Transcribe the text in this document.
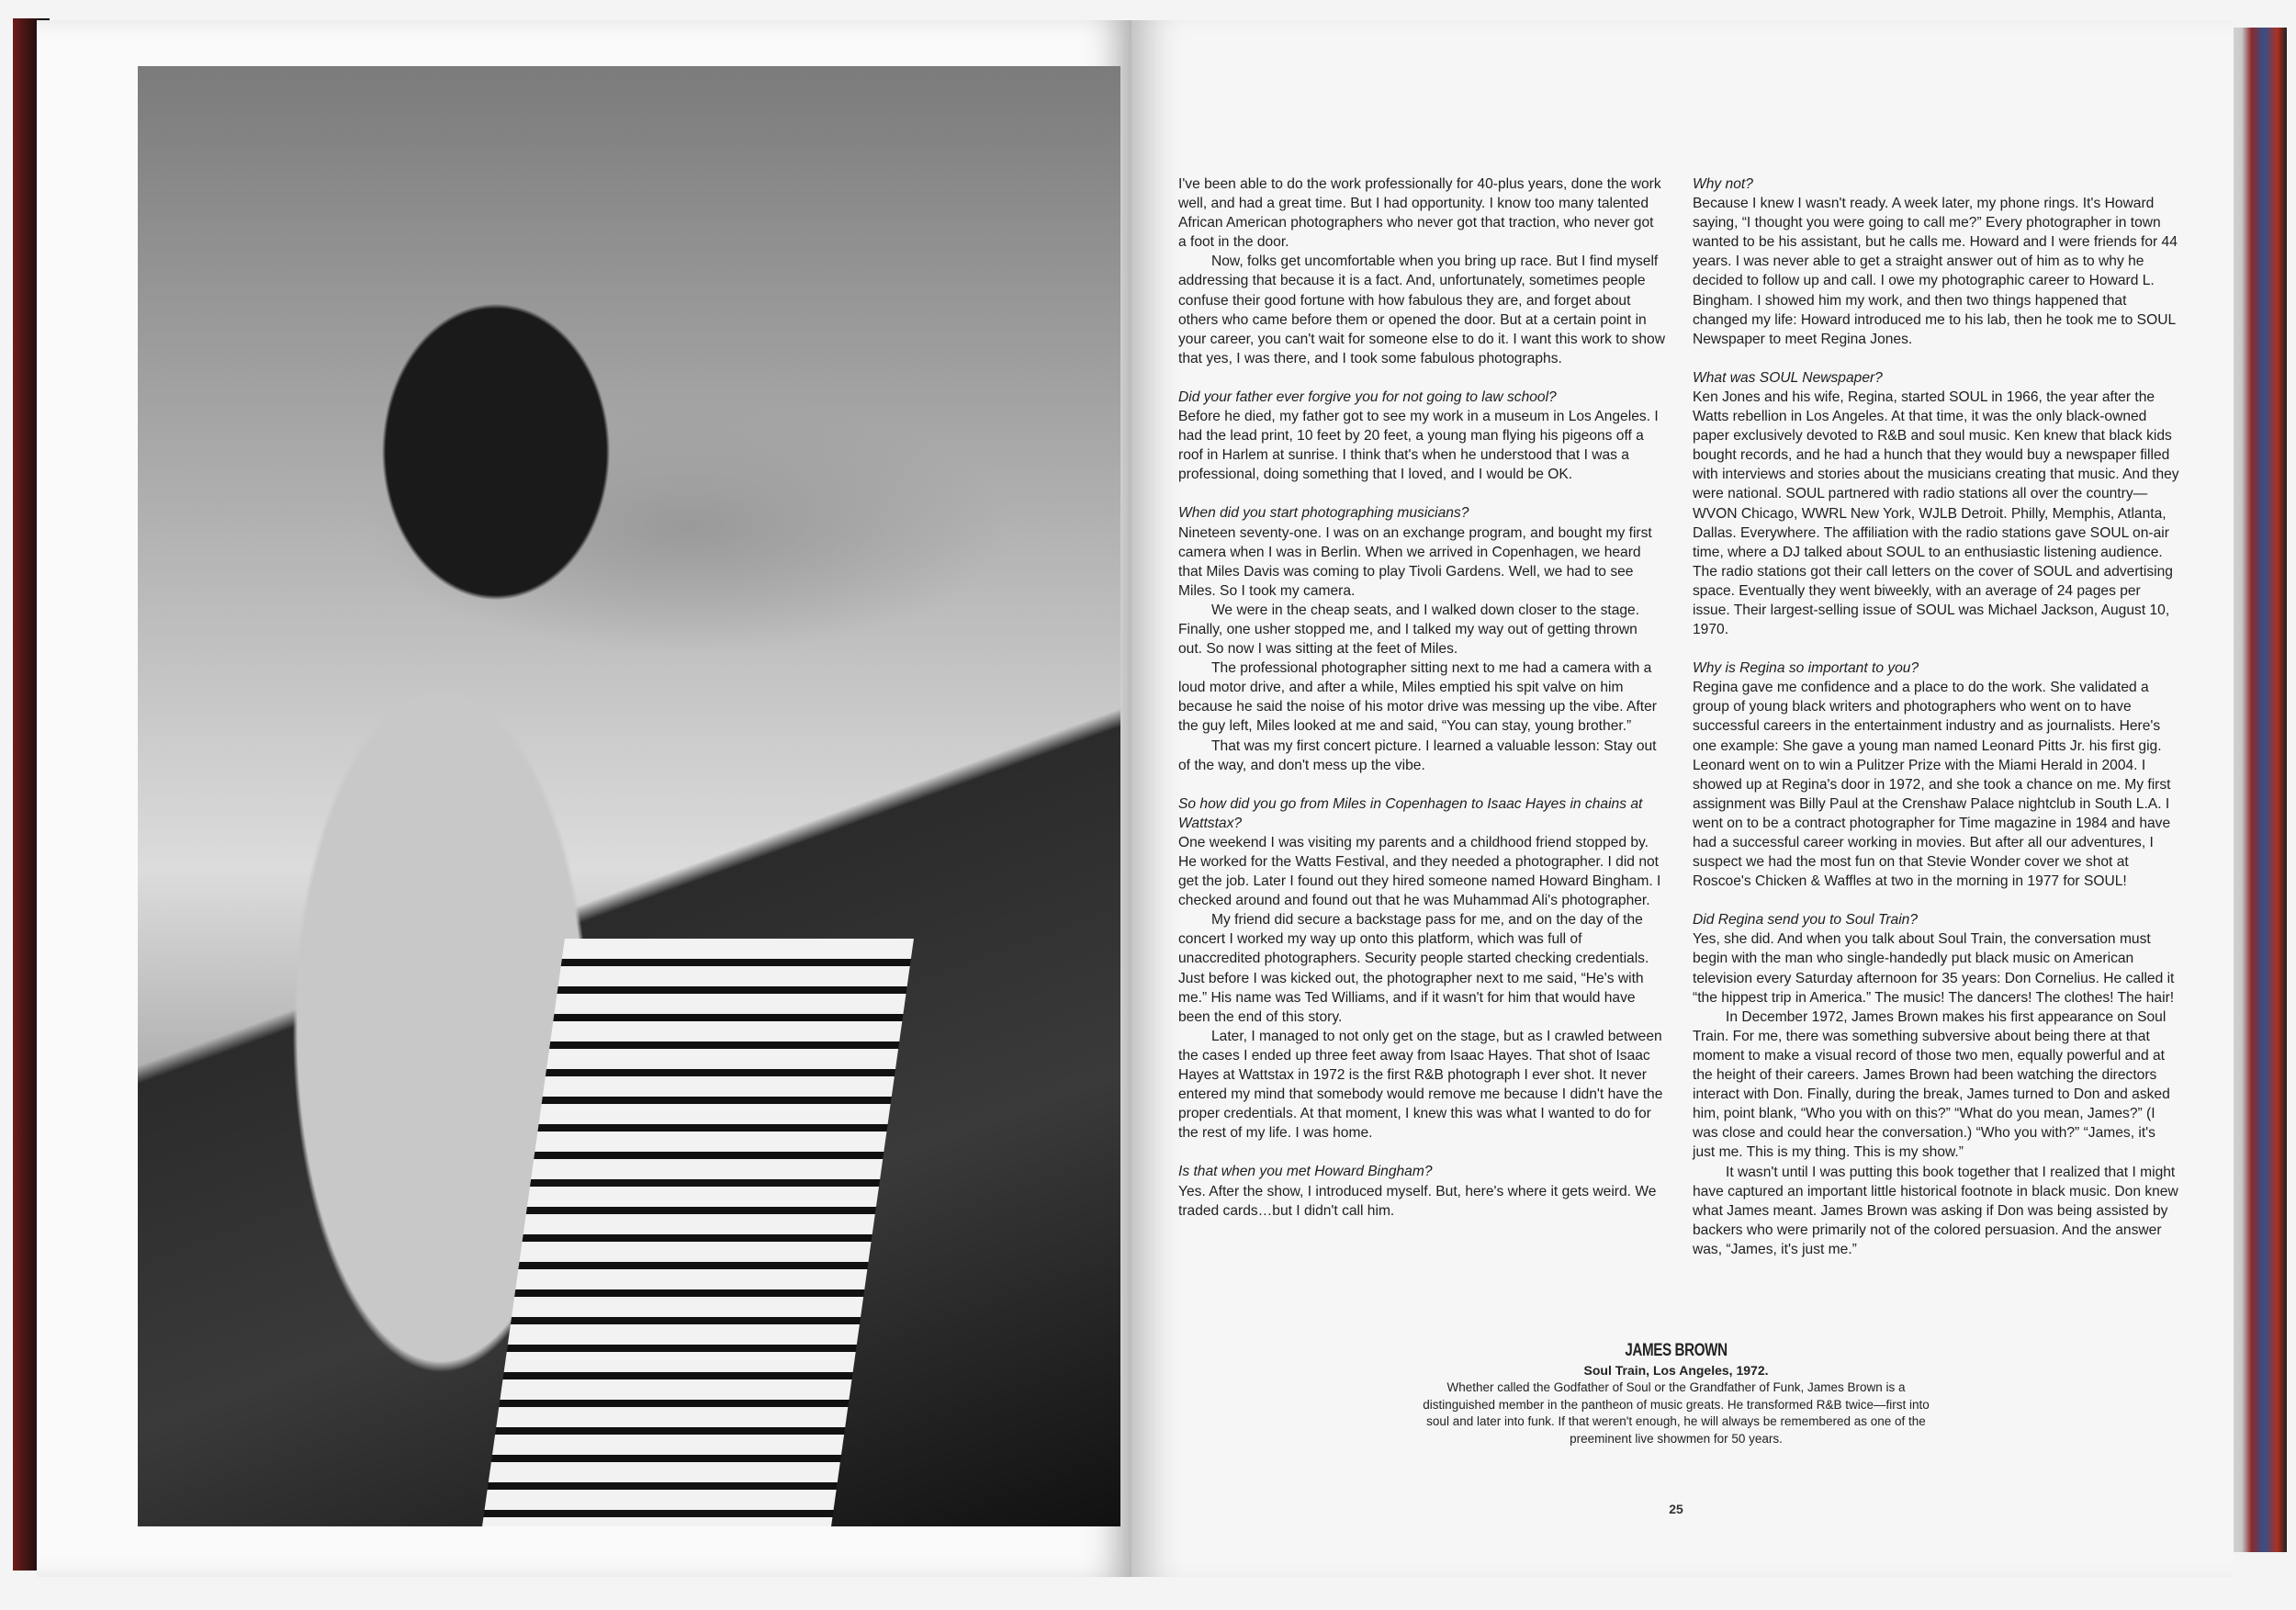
I've been able to do the work professionally for 40-plus years, done the work well, and had a great time. But I had opportunity. I know too many talented African American photographers who never got that traction, who never got a foot in the door.

Now, folks get uncomfortable when you bring up race. But I find myself addressing that because it is a fact. And, unfortunately, sometimes people confuse their good fortune with how fabulous they are, and forget about others who came before them or opened the door. But at a certain point in your career, you can't wait for someone else to do it. I want this work to show that yes, I was there, and I took some fabulous photographs.

Did your father ever forgive you for not going to law school?

Before he died, my father got to see my work in a museum in Los Angeles. I had the lead print, 10 feet by 20 feet, a young man flying his pigeons off a roof in Harlem at sunrise. I think that's when he understood that I was a professional, doing something that I loved, and I would be OK.

When did you start photographing musicians?

Nineteen seventy-one. I was on an exchange program, and bought my first camera when I was in Berlin. When we arrived in Copenhagen, we heard that Miles Davis was coming to play Tivoli Gardens. Well, we had to see Miles. So I took my camera.

We were in the cheap seats, and I walked down closer to the stage. Finally, one usher stopped me, and I talked my way out of getting thrown out. So now I was sitting at the feet of Miles.

The professional photographer sitting next to me had a camera with a loud motor drive, and after a while, Miles emptied his spit valve on him because he said the noise of his motor drive was messing up the vibe. After the guy left, Miles looked at me and said, “You can stay, young brother.”

That was my first concert picture. I learned a valuable lesson: Stay out of the way, and don't mess up the vibe.

So how did you go from Miles in Copenhagen to Isaac Hayes in chains at Wattstax?

One weekend I was visiting my parents and a childhood friend stopped by. He worked for the Watts Festival, and they needed a photographer. I did not get the job. Later I found out they hired someone named Howard Bingham. I checked around and found out that he was Muhammad Ali's photographer.

My friend did secure a backstage pass for me, and on the day of the concert I worked my way up onto this platform, which was full of unaccredited photographers. Security people started checking credentials. Just before I was kicked out, the photographer next to me said, “He's with me.” His name was Ted Williams, and if it wasn't for him that would have been the end of this story.

Later, I managed to not only get on the stage, but as I crawled between the cases I ended up three feet away from Isaac Hayes. That shot of Isaac Hayes at Wattstax in 1972 is the first R&B photograph I ever shot. It never entered my mind that somebody would remove me because I didn't have the proper credentials. At that moment, I knew this was what I wanted to do for the rest of my life. I was home.

Is that when you met Howard Bingham?

Yes. After the show, I introduced myself. But, here's where it gets weird. We traded cards…but I didn't call him.

Why not?

Because I knew I wasn't ready. A week later, my phone rings. It's Howard saying, “I thought you were going to call me?” Every photographer in town wanted to be his assistant, but he calls me. Howard and I were friends for 44 years. I was never able to get a straight answer out of him as to why he decided to follow up and call. I owe my photographic career to Howard L. Bingham. I showed him my work, and then two things happened that changed my life: Howard introduced me to his lab, then he took me to SOUL Newspaper to meet Regina Jones.

What was SOUL Newspaper?

Ken Jones and his wife, Regina, started SOUL in 1966, the year after the Watts rebellion in Los Angeles. At that time, it was the only black-owned paper exclusively devoted to R&B and soul music. Ken knew that black kids bought records, and he had a hunch that they would buy a newspaper filled with interviews and stories about the musicians creating that music. And they were national. SOUL partnered with radio stations all over the country—WVON Chicago, WWRL New York, WJLB Detroit. Philly, Memphis, Atlanta, Dallas. Everywhere. The affiliation with the radio stations gave SOUL on-air time, where a DJ talked about SOUL to an enthusiastic listening audience. The radio stations got their call letters on the cover of SOUL and advertising space. Eventually they went biweekly, with an average of 24 pages per issue. Their largest-selling issue of SOUL was Michael Jackson, August 10, 1970.

Why is Regina so important to you?

Regina gave me confidence and a place to do the work. She validated a group of young black writers and photographers who went on to have successful careers in the entertainment industry and as journalists. Here's one example: She gave a young man named Leonard Pitts Jr. his first gig. Leonard went on to win a Pulitzer Prize with the Miami Herald in 2004. I showed up at Regina's door in 1972, and she took a chance on me. My first assignment was Billy Paul at the Crenshaw Palace nightclub in South L.A. I went on to be a contract photographer for Time magazine in 1984 and have had a successful career working in movies. But after all our adventures, I suspect we had the most fun on that Stevie Wonder cover we shot at Roscoe's Chicken & Waffles at two in the morning in 1977 for SOUL!

Did Regina send you to Soul Train?

Yes, she did. And when you talk about Soul Train, the conversation must begin with the man who single-handedly put black music on American television every Saturday afternoon for 35 years: Don Cornelius. He called it “the hippest trip in America.” The music! The dancers! The clothes! The hair!

In December 1972, James Brown makes his first appearance on Soul Train. For me, there was something subversive about being there at that moment to make a visual record of those two men, equally powerful and at the height of their careers. James Brown had been watching the directors interact with Don. Finally, during the break, James turned to Don and asked him, point blank, “Who you with on this?” “What do you mean, James?” (I was close and could hear the conversation.) “Who you with?” “James, it's just me. This is my thing. This is my show.”

It wasn't until I was putting this book together that I realized that I might have captured an important little historical footnote in black music. Don knew what James meant. James Brown was asking if Don was being assisted by backers who were primarily not of the colored persuasion. And the answer was, “James, it's just me.”

JAMES BROWN
Soul Train, Los Angeles, 1972.
Whether called the Godfather of Soul or the Grandfather of Funk, James Brown is a distinguished member in the pantheon of music greats. He transformed R&B twice—first into soul and later into funk. If that weren't enough, he will always be remembered as one of the preeminent live showmen for 50 years.
25
